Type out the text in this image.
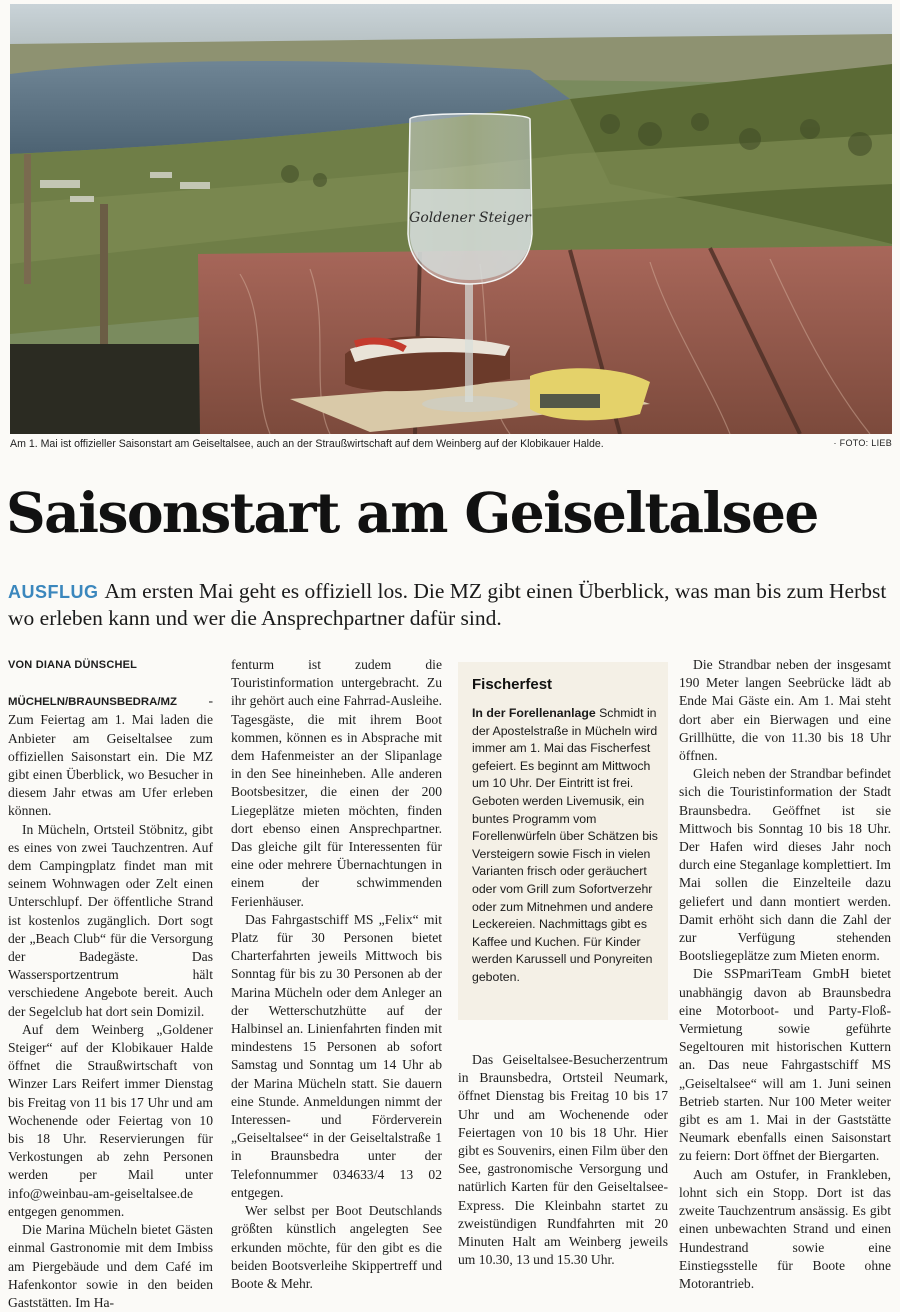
Goldener Steiger
Am 1. Mai ist offizieller Saisonstart am Geiseltalsee, auch an der Straußwirtschaft auf dem Weinberg auf der Klobikauer Halde.	· FOTO: LIEB
Saisonstart am Geiseltalsee

AUSFLUG Am ersten Mai geht es offiziell los. Die MZ gibt einen Überblick, was man bis zum Herbst wo erleben kann und wer die Ansprechpartner dafür sind.

VON DIANA DÜNSCHEL

MÜCHELN/BRAUNSBEDRA/MZ - Zum Feiertag am 1. Mai laden die Anbieter am Geiseltalsee zum offiziellen Saisonstart ein. Die MZ gibt einen Überblick, wo Besucher in diesem Jahr etwas am Ufer erleben können.

In Mücheln, Ortsteil Stöbnitz, gibt es eines von zwei Tauchzentren. Auf dem Campingplatz findet man mit seinem Wohnwagen oder Zelt einen Unterschlupf. Der öffentliche Strand ist kostenlos zugänglich. Dort sogt der „Beach Club“ für die Versorgung der Badegäste. Das Wassersportzentrum hält verschiedene Angebote bereit. Auch der Segelclub hat dort sein Domizil.

Auf dem Weinberg „Goldener Steiger“ auf der Klobikauer Halde öffnet die Straußwirtschaft von Winzer Lars Reifert immer Dienstag bis Freitag von 11 bis 17 Uhr und am Wochenende oder Feiertag von 10 bis 18 Uhr. Reservierungen für Verkostungen ab zehn Personen werden per Mail unter info@weinbau-am-geiseltalsee.de entgegen genommen.

Die Marina Mücheln bietet Gästen einmal Gastronomie mit dem Imbiss am Piergebäude und dem Café im Hafenkontor sowie in den beiden Gaststätten. Im Ha-

fenturm ist zudem die Touristinformation untergebracht. Zu ihr gehört auch eine Fahrrad-Ausleihe. Tagesgäste, die mit ihrem Boot kommen, können es in Absprache mit dem Hafenmeister an der Slipanlage in den See hineinheben. Alle anderen Bootsbesitzer, die einen der 200 Liegeplätze mieten möchten, finden dort ebenso einen Ansprechpartner. Das gleiche gilt für Interessenten für eine oder mehrere Übernachtungen in einem der schwimmenden Ferienhäuser.

Das Fahrgastschiff MS „Felix“ mit Platz für 30 Personen bietet Charterfahrten jeweils Mittwoch bis Sonntag für bis zu 30 Personen ab der Marina Mücheln oder dem Anleger an der Wetterschutzhütte auf der Halbinsel an. Linienfahrten finden mit mindestens 15 Personen ab sofort Samstag und Sonntag um 14 Uhr ab der Marina Mücheln statt. Sie dauern eine Stunde. Anmeldungen nimmt der Interessen- und Förderverein „Geiseltalsee“ in der Geiseltalstraße 1 in Braunsbedra unter der Telefonnummer 034633/4 13 02 entgegen.

Wer selbst per Boot Deutschlands größten künstlich angelegten See erkunden möchte, für den gibt es die beiden Bootsverleihe Skippertreff und Boote & Mehr.

Fischerfest
In der Forellenanlage Schmidt in der Apostelstraße in Mücheln wird immer am 1. Mai das Fischerfest gefeiert. Es beginnt am Mittwoch um 10 Uhr. Der Eintritt ist frei. Geboten werden Livemusik, ein buntes Programm vom Forellenwürfeln über Schätzen bis Versteigern sowie Fisch in vielen Varianten frisch oder geräuchert oder vom Grill zum Sofortverzehr oder zum Mitnehmen und andere Leckereien. Nachmittags gibt es Kaffee und Kuchen. Für Kinder werden Karussell und Ponyreiten geboten.

Das Geiseltalsee-Besucherzentrum in Braunsbedra, Ortsteil Neumark, öffnet Dienstag bis Freitag 10 bis 17 Uhr und am Wochenende oder Feiertagen von 10 bis 18 Uhr. Hier gibt es Souvenirs, einen Film über den See, gastronomische Versorgung und natürlich Karten für den Geiseltalsee-Express. Die Kleinbahn startet zu zweistündigen Rundfahrten mit 20 Minuten Halt am Weinberg jeweils um 10.30, 13 und 15.30 Uhr.

Die Strandbar neben der insgesamt 190 Meter langen Seebrücke lädt ab Ende Mai Gäste ein. Am 1. Mai steht dort aber ein Bierwagen und eine Grillhütte, die von 11.30 bis 18 Uhr öffnen.

Gleich neben der Strandbar befindet sich die Touristinformation der Stadt Braunsbedra. Geöffnet ist sie Mittwoch bis Sonntag 10 bis 18 Uhr. Der Hafen wird dieses Jahr noch durch eine Steganlage komplettiert. Im Mai sollen die Einzelteile dazu geliefert und dann montiert werden. Damit erhöht sich dann die Zahl der zur Verfügung stehenden Bootsliegeplätze zum Mieten enorm.

Die SSPmariTeam GmbH bietet unabhängig davon ab Braunsbedra eine Motorboot- und Party-Floß-Vermietung sowie geführte Segeltouren mit historischen Kuttern an. Das neue Fahrgastschiff MS „Geiseltalsee“ will am 1. Juni seinen Betrieb starten. Nur 100 Meter weiter gibt es am 1. Mai in der Gaststätte Neumark ebenfalls einen Saisonstart zu feiern: Dort öffnet der Biergarten.

Auch am Ostufer, in Frankleben, lohnt sich ein Stopp. Dort ist das zweite Tauchzentrum ansässig. Es gibt einen unbewachten Strand und einen Hundestrand sowie eine Einstiegsstelle für Boote ohne Motorantrieb.
